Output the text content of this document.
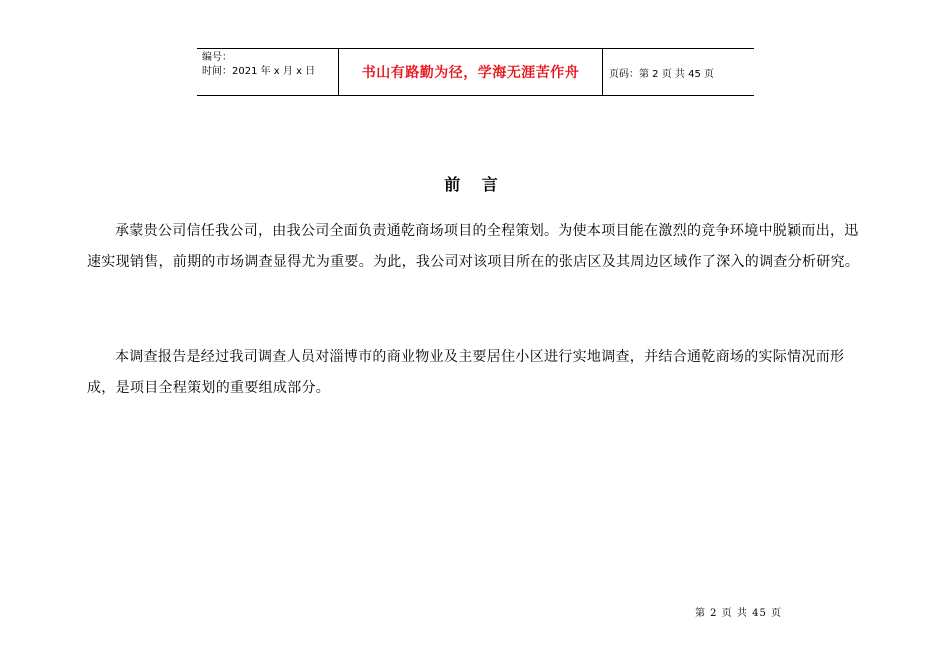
编号：
时间：2021 年 x 月 x 日	书山有路勤为径，学海无涯苦作舟	页码：第 2 页 共 45 页
前 言

承蒙贵公司信任我公司，由我公司全面负责通乾商场项目的全程策划。为使本项目能在激烈的竞争环境中脱颖而出，迅速实现销售，前期的市场调查显得尤为重要。为此，我公司对该项目所在的张店区及其周边区域作了深入的调查分析研究。

本调查报告是经过我司调查人员对淄博市的商业物业及主要居住小区进行实地调查，并结合通乾商场的实际情况而形成，是项目全程策划的重要组成部分。

第 2 页 共 45 页
